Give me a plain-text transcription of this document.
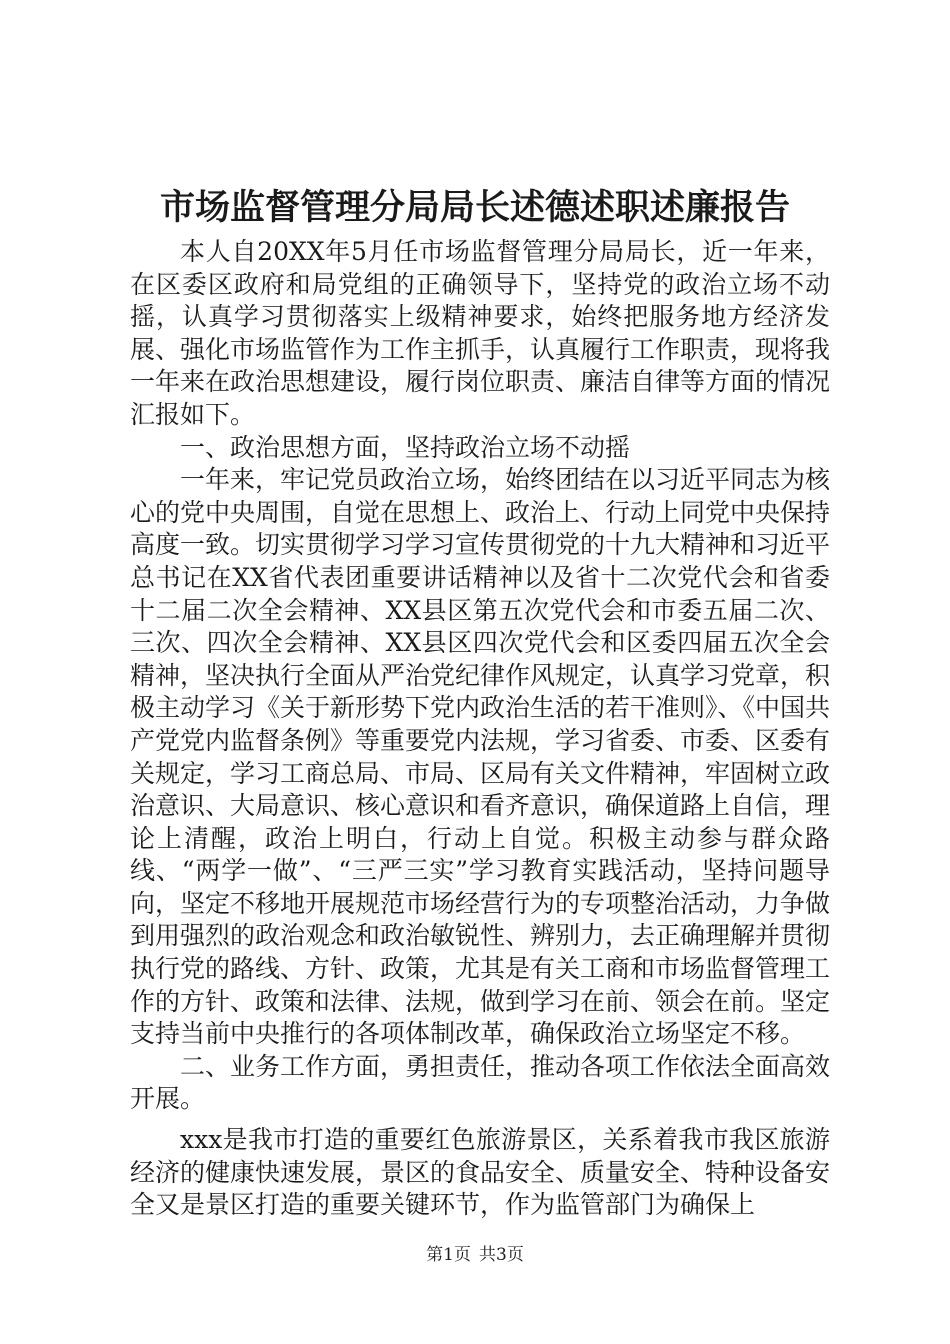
市场监督管理分局局长述德述职述廉报告

本人自20XX年5月任市场监督管理分局局长，近一年来，在区委区政府和局党组的正确领导下，坚持党的政治立场不动摇，认真学习贯彻落实上级精神要求，始终把服务地方经济发展、强化市场监管作为工作主抓手，认真履行工作职责，现将我一年来在政治思想建设，履行岗位职责、廉洁自律等方面的情况汇报如下。

一、政治思想方面，坚持政治立场不动摇

一年来，牢记党员政治立场，始终团结在以习近平同志为核心的党中央周围，自觉在思想上、政治上、行动上同党中央保持高度一致。切实贯彻学习学习宣传贯彻党的十九大精神和习近平总书记在XX省代表团重要讲话精神以及省十二次党代会和省委十二届二次全会精神、XX县区第五次党代会和市委五届二次、三次、四次全会精神、XX县区四次党代会和区委四届五次全会精神，坚决执行全面从严治党纪律作风规定，认真学习党章，积极主动学习《关于新形势下党内政治生活的若干准则》、《中国共产党党内监督条例》等重要党内法规，学习省委、市委、区委有关规定，学习工商总局、市局、区局有关文件精神，牢固树立政治意识、大局意识、核心意识和看齐意识，确保道路上自信，理论上清醒，政治上明白，行动上自觉。积极主动参与群众路线、“两学一做”、“三严三实”学习教育实践活动，坚持问题导向，坚定不移地开展规范市场经营行为的专项整治活动，力争做到用强烈的政治观念和政治敏锐性、辨别力，去正确理解并贯彻执行党的路线、方针、政策，尤其是有关工商和市场监督管理工作的方针、政策和法律、法规，做到学习在前、领会在前。坚定支持当前中央推行的各项体制改革，确保政治立场坚定不移。

二、业务工作方面，勇担责任，推动各项工作依法全面高效开展。

xxx是我市打造的重要红色旅游景区，关系着我市我区旅游经济的健康快速发展，景区的食品安全、质量安全、特种设备安全又是景区打造的重要关键环节，作为监管部门为确保上

第1页 共3页
